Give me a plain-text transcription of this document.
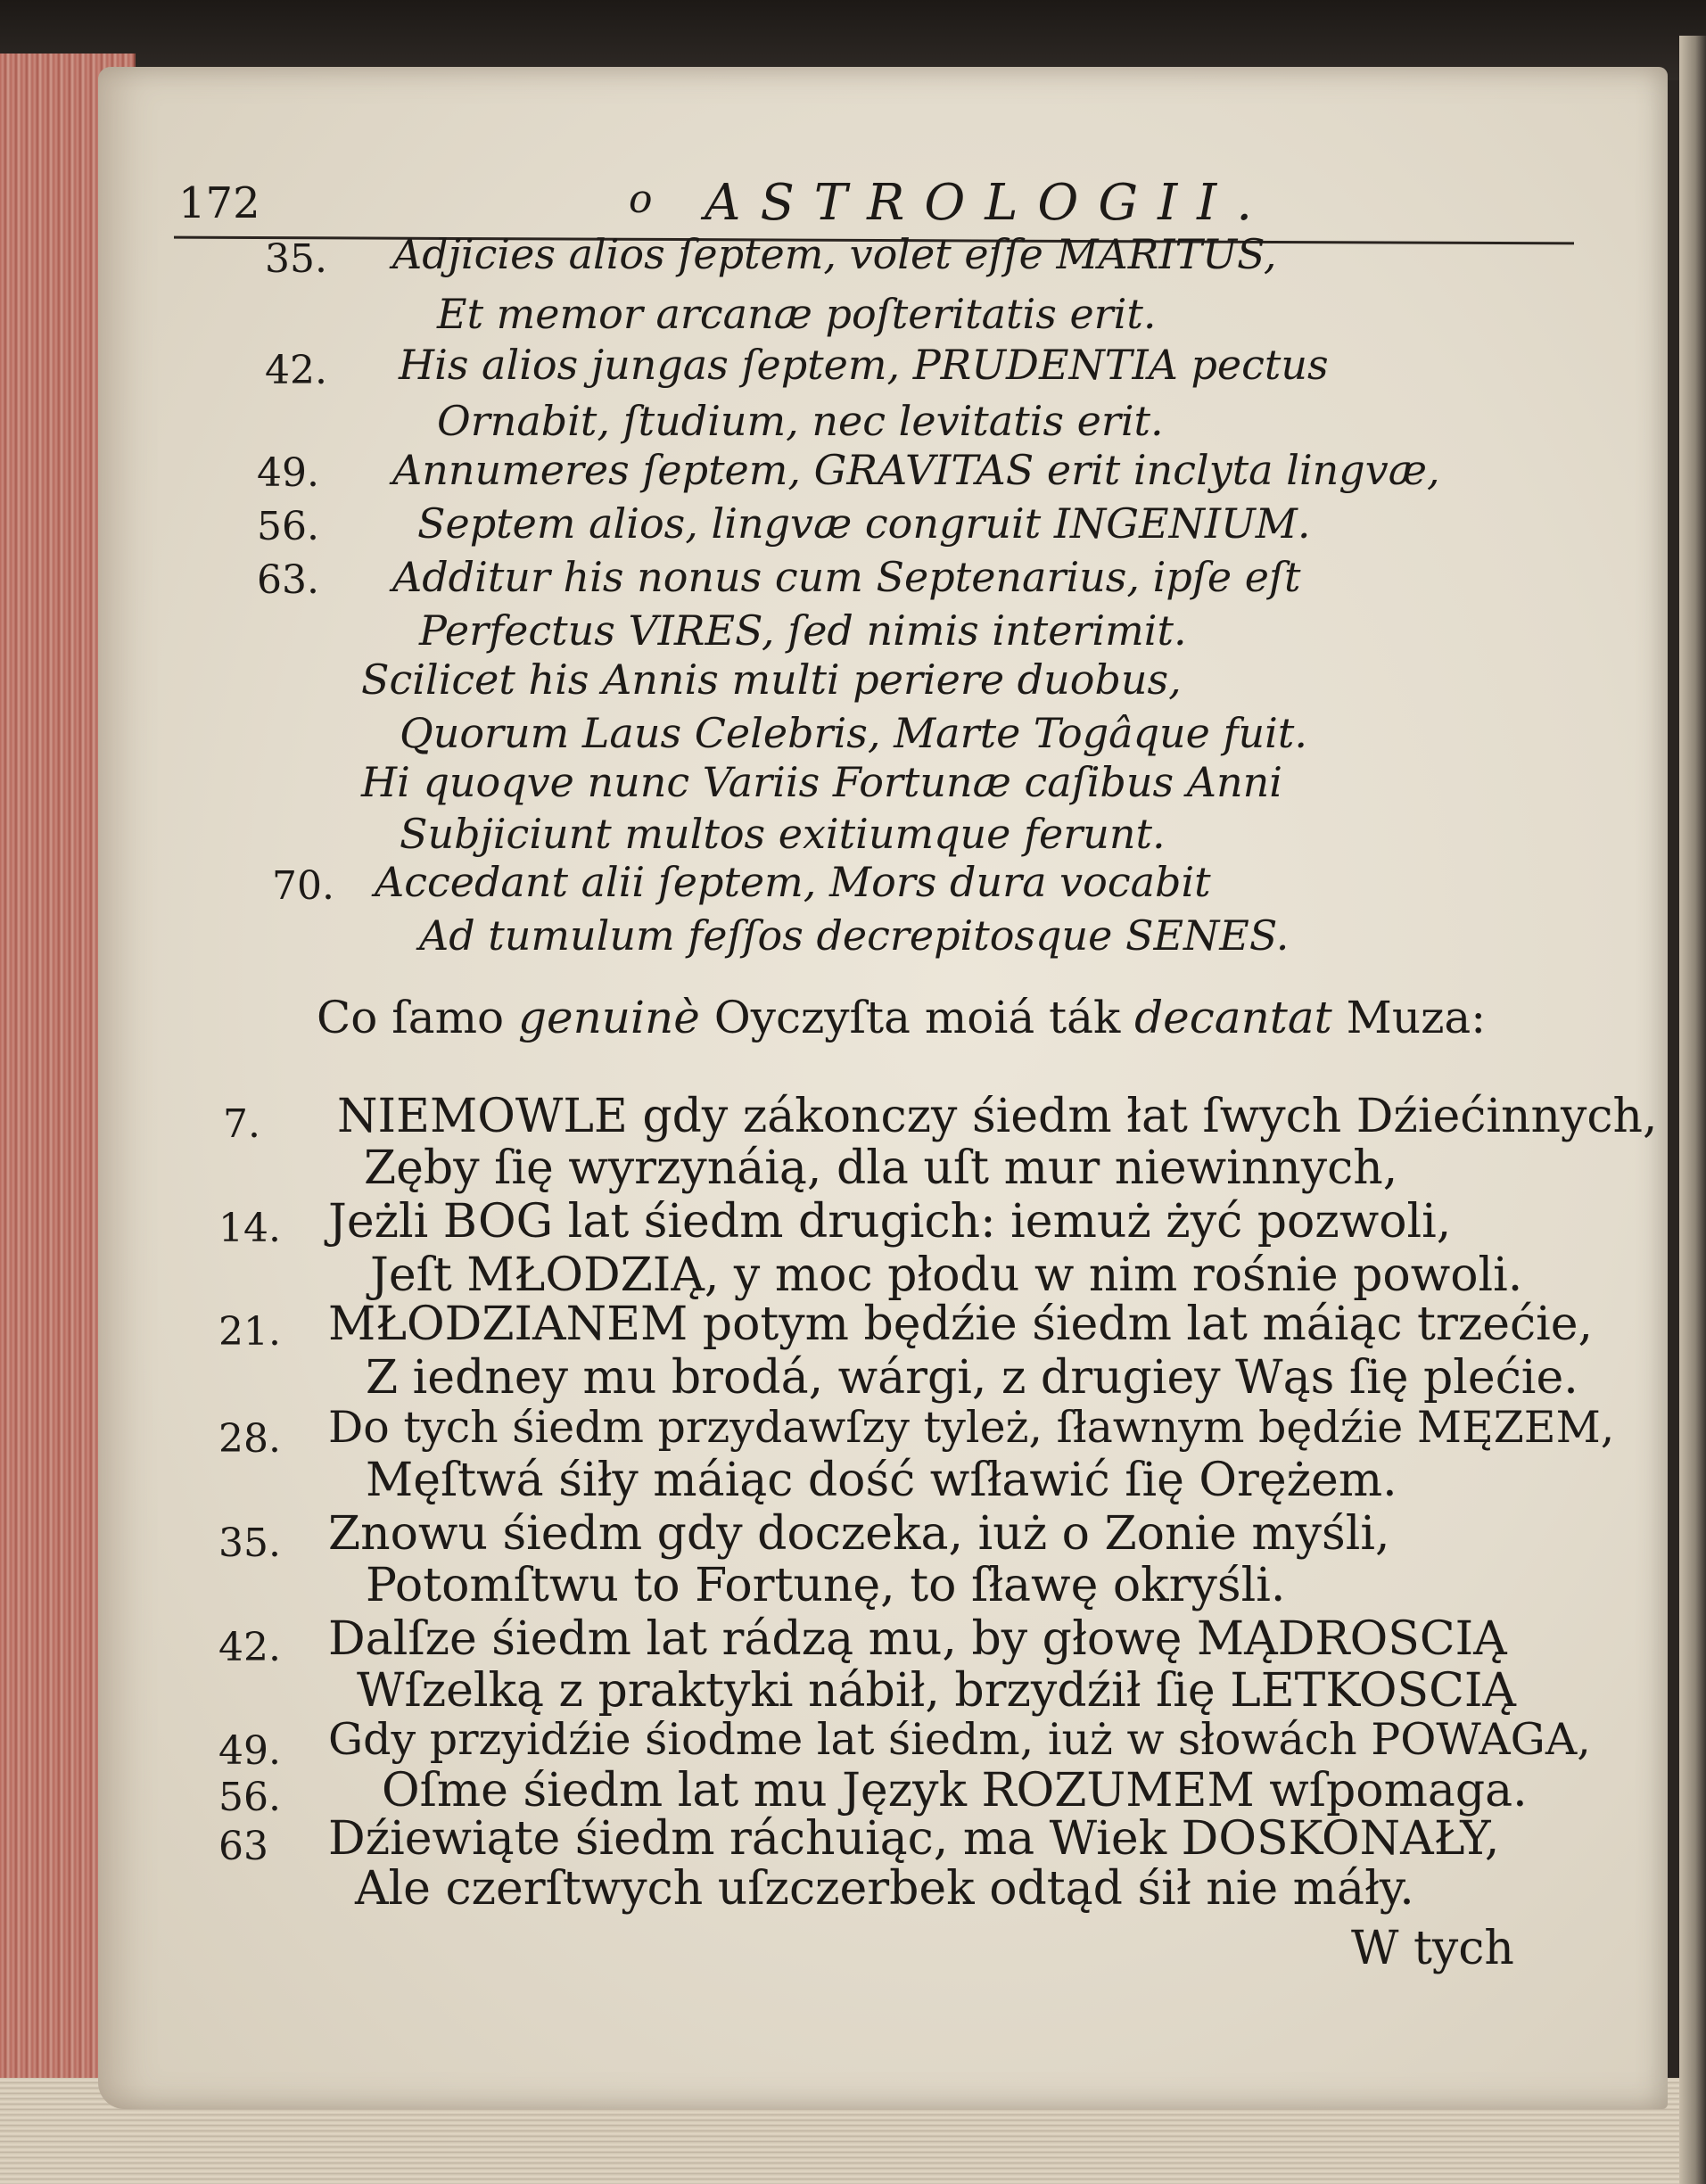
172	o ASTROLOGII.
35. Adjicies alios ſeptem, volet eſſe MARITUS,
Et memor arcanæ poſteritatis erit.
42. His alios jungas ſeptem, PRUDENTIA pectus
Ornabit, ſtudium, nec levitatis erit.
49. Annumeres ſeptem, GRAVITAS erit inclyta lingvæ,
56. Septem alios, lingvæ congruit INGENIUM.
63. Additur his nonus cum Septenarius, ipſe eſt
Perfectus VIRES, ſed nimis interimit.
Scilicet his Annis multi periere duobus,
Quorum Laus Celebris, Marte Togâque fuit.
Hi quoqve nunc Variis Fortunæ caſibus Anni
Subjiciunt multos exitiumque ferunt.
70. Accedant alii ſeptem, Mors dura vocabit
Ad tumulum feſſos decrepitosque SENES.
Co ſamo genuinè Oyczyſta moiá ták decantat Muza:
7. NIEMOWLE gdy zákonczy śiedm łat ſwych Dźiećinnych,
Zęby ſię wyrzynáią, dla uſt mur niewinnych,
14. Jeżli BOG lat śiedm drugich: iemuż żyć pozwoli,
Jeſt MŁODZIĄ, y moc płodu w nim rośnie powoli.
21. MŁODZIANEM potym będźie śiedm lat máiąc trzećie,
Z iedney mu brodá, wárgi, z drugiey Wąs ſię plećie.
28. Do tych śiedm przydawſzy tyleż, ſławnym będźie MĘZEM,
Męſtwá śiły máiąc dość wſławić ſię Orężem.
35. Znowu śiedm gdy doczeka, iuż o Zonie myśli,
Potomſtwu to Fortunę, to ſławę okryśli.
42. Dalſze śiedm lat rádzą mu, by głowę MĄDROSCIĄ
Wſzelką z praktyki nábił, brzydźił ſię LETKOSCIĄ
49. Gdy przyidźie śiodme lat śiedm, iuż w słowách POWAGA,
56. Oſme śiedm lat mu Język ROZUMEM wſpomaga.
63 Dźiewiąte śiedm ráchuiąc, ma Wiek DOSKONAŁY,
Ale czerſtwych uſzczerbek odtąd śił nie máły.
W tych
